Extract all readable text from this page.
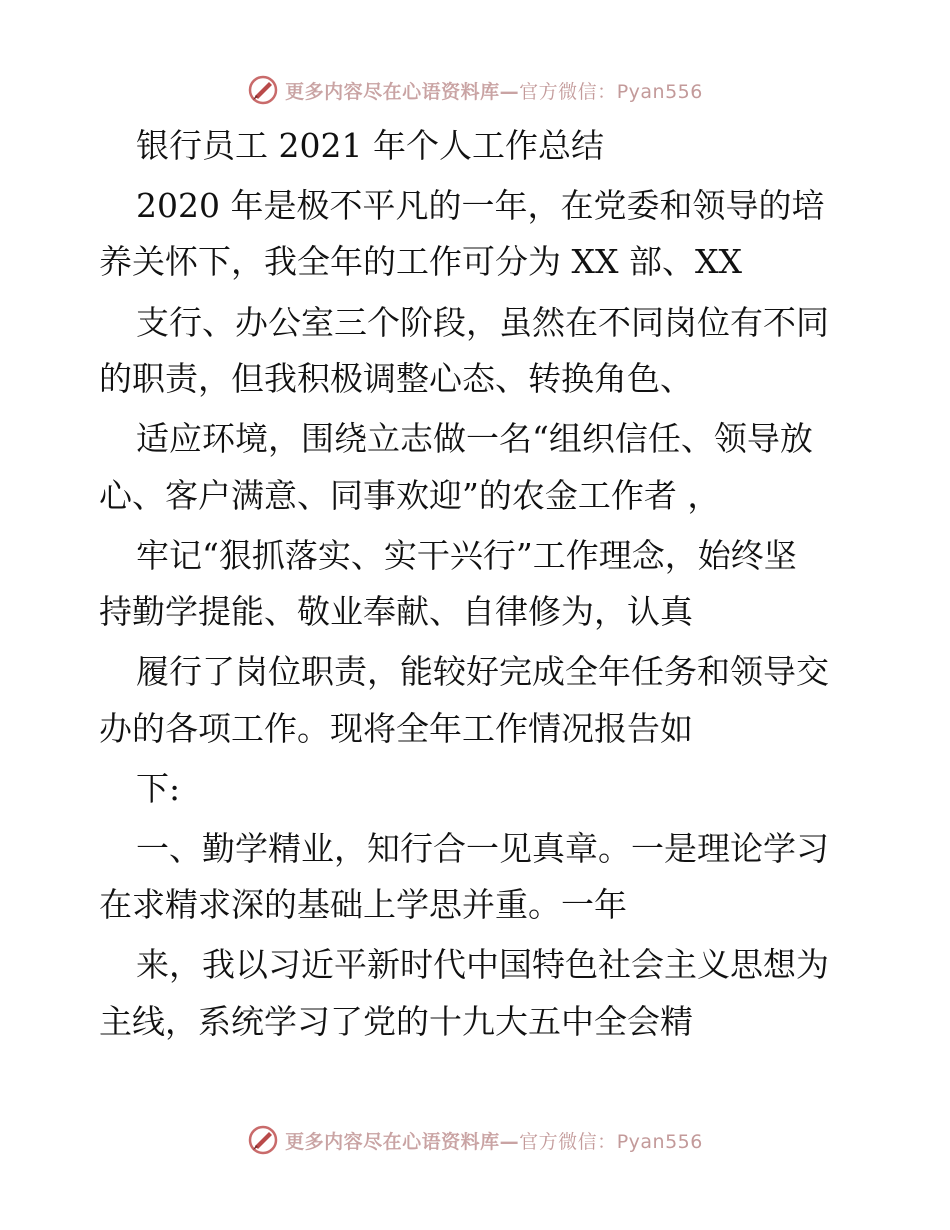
更多内容尽在心语资料库—官方微信：Pyan556
银行员工 2021 年个人工作总结
2020 年是极不平凡的一年，在党委和领导的培
养关怀下，我全年的工作可分为 XX 部、XX
支行、办公室三个阶段，虽然在不同岗位有不同
的职责，但我积极调整心态、转换角色、
适应环境，围绕立志做一名“组织信任、领导放
心、客户满意、同事欢迎”的农金工作者 ，
牢记“狠抓落实、实干兴行”工作理念，始终坚
持勤学提能、敬业奉献、自律修为，认真
履行了岗位职责，能较好完成全年任务和领导交
办的各项工作。现将全年工作情况报告如
下:
一、勤学精业，知行合一见真章。一是理论学习
在求精求深的基础上学思并重。一年
来，我以习近平新时代中国特色社会主义思想为
主线，系统学习了党的十九大五中全会精
更多内容尽在心语资料库—官方微信：Pyan556
